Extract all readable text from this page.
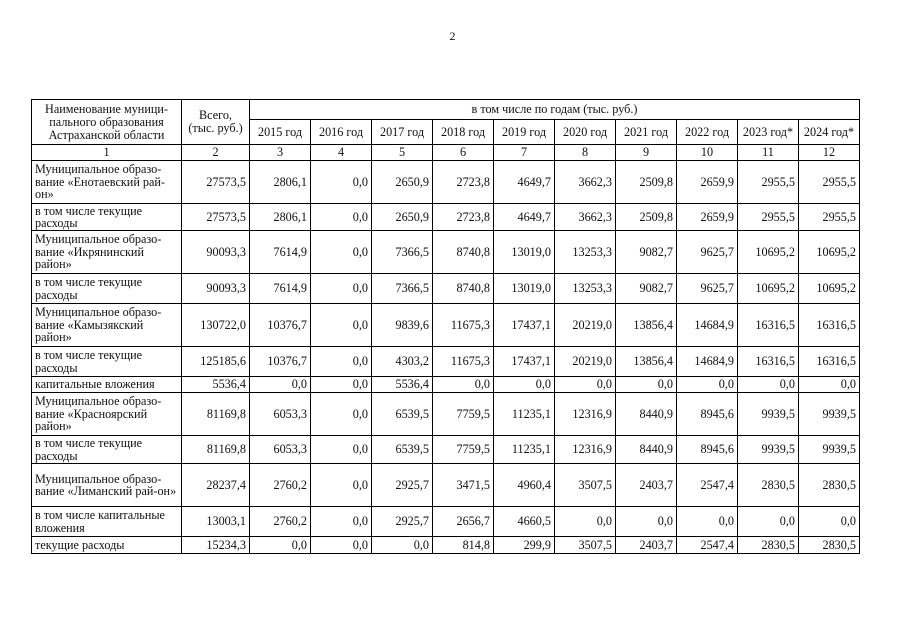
2
Наименование муници-пального образования Астраханской области	Всего, (тыс. руб.)	в том числе по годам (тыс. руб.)									
		2015 год	2016 год	2017 год	2018 год	2019 год	2020 год	2021 год	2022 год	2023 год*	2024 год*
1	2	3	4	5	6	7	8	9	10	11	12
Муниципальное образо-вание «Енотаевский рай-он»	27573,5	2806,1	0,0	2650,9	2723,8	4649,7	3662,3	2509,8	2659,9	2955,5	2955,5
в том числе текущие расходы	27573,5	2806,1	0,0	2650,9	2723,8	4649,7	3662,3	2509,8	2659,9	2955,5	2955,5
Муниципальное образо-вание «Икрянинский район»	90093,3	7614,9	0,0	7366,5	8740,8	13019,0	13253,3	9082,7	9625,7	10695,2	10695,2
в том числе текущие расходы	90093,3	7614,9	0,0	7366,5	8740,8	13019,0	13253,3	9082,7	9625,7	10695,2	10695,2
Муниципальное образо-вание «Камызякский район»	130722,0	10376,7	0,0	9839,6	11675,3	17437,1	20219,0	13856,4	14684,9	16316,5	16316,5
в том числе текущие расходы	125185,6	10376,7	0,0	4303,2	11675,3	17437,1	20219,0	13856,4	14684,9	16316,5	16316,5
капитальные вложения	5536,4	0,0	0,0	5536,4	0,0	0,0	0,0	0,0	0,0	0,0	0,0
Муниципальное образо-вание «Красноярский район»	81169,8	6053,3	0,0	6539,5	7759,5	11235,1	12316,9	8440,9	8945,6	9939,5	9939,5
в том числе текущие расходы	81169,8	6053,3	0,0	6539,5	7759,5	11235,1	12316,9	8440,9	8945,6	9939,5	9939,5
Муниципальное образо-вание «Лиманский рай-он»	28237,4	2760,2	0,0	2925,7	3471,5	4960,4	3507,5	2403,7	2547,4	2830,5	2830,5
в том числе капитальные вложения	13003,1	2760,2	0,0	2925,7	2656,7	4660,5	0,0	0,0	0,0	0,0	0,0
текущие расходы	15234,3	0,0	0,0	0,0	814,8	299,9	3507,5	2403,7	2547,4	2830,5	2830,5
